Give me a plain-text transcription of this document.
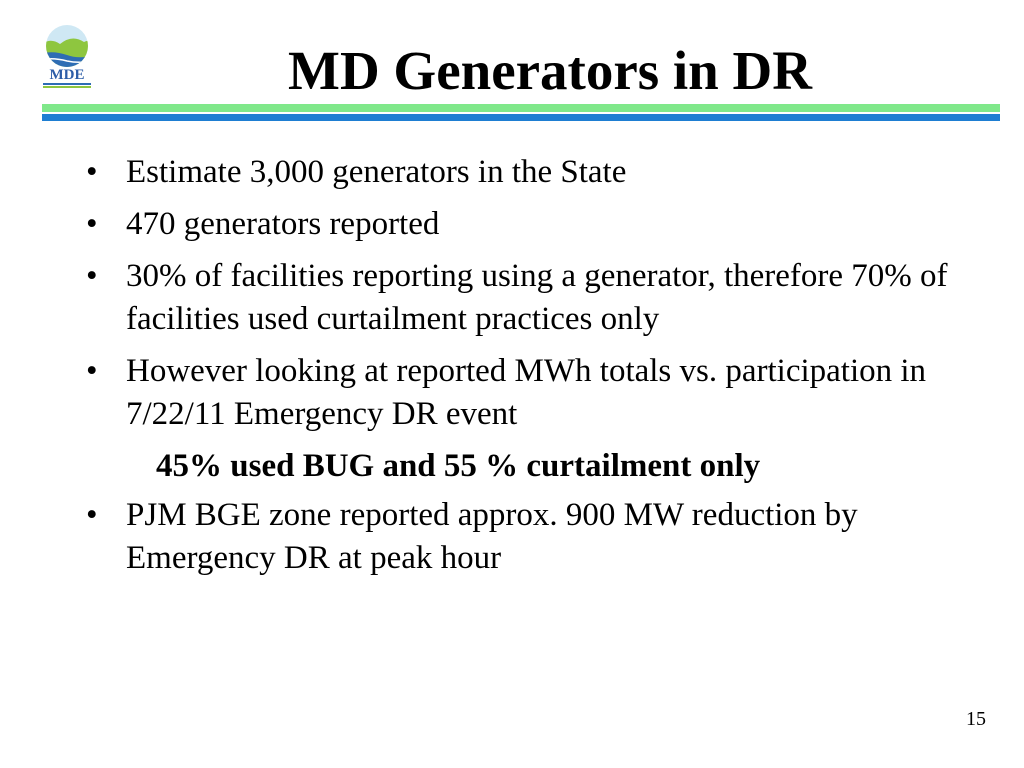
MDE	MD Generators in DR
• Estimate 3,000 generators in the State
• 470 generators reported
• 30% of facilities reporting using a generator, therefore 70% of facilities used curtailment practices only
• However looking at reported MWh totals vs. participation in 7/22/11 Emergency DR event
45% used BUG and 55 % curtailment only
• PJM BGE zone reported approx. 900 MW reduction by Emergency DR at peak hour
15
